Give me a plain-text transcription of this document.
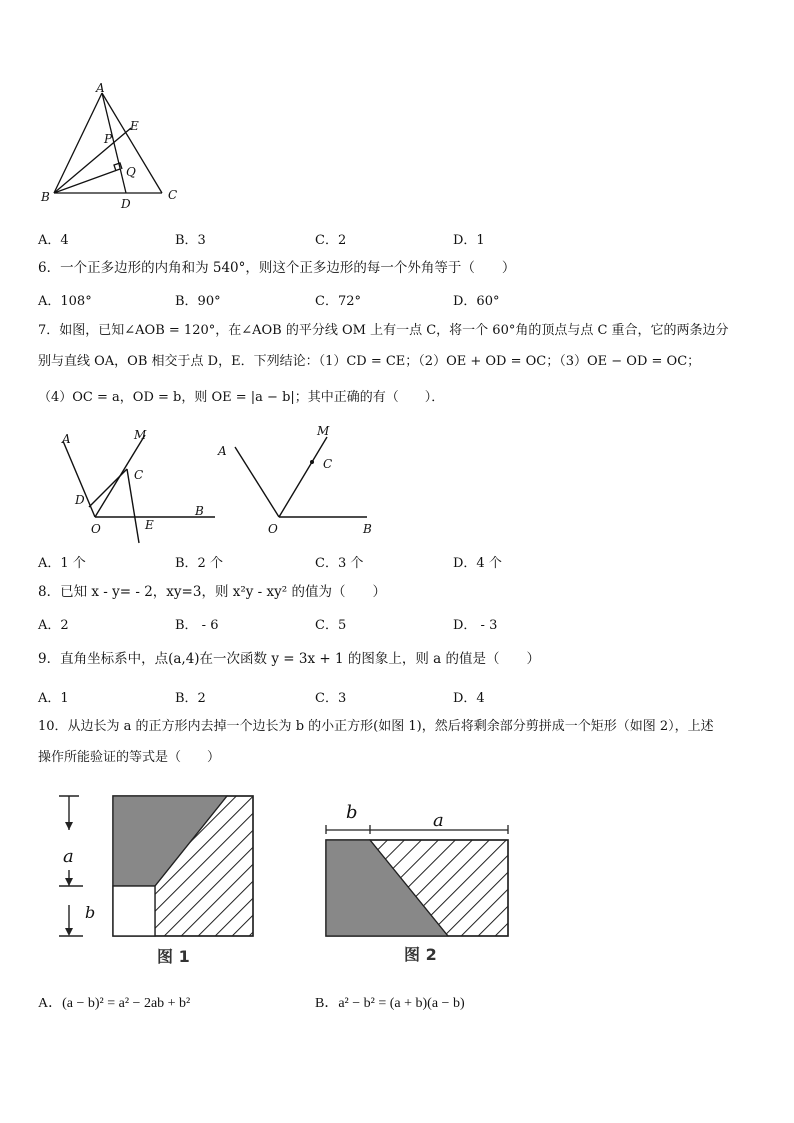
A
E
P
Q
B	D
C
A．4	B．3	C．2	D．1
6．一个正多边形的内角和为 540°，则这个正多边形的每一个外角等于（　　）
A．108°	B．90°	C．72°	D．60°
7．如图，已知∠AOB = 120°，在∠AOB 的平分线 OM 上有一点 C，将一个 60°角的顶点与点 C 重合，它的两条边分
别与直线 OA，OB 相交于点 D，E．下列结论：（1）CD = CE；（2）OE + OD = OC；（3）OE − OD = OC；
（4）OC = a，OD = b，则 OE = |a − b|；其中正确的有（　　）．
A	M
C
D
O	E
B
A
M
C
O	B
A．1 个	B．2 个	C．3 个	D．4 个
8．已知 x - y= - 2，xy=3，则 x²y - xy² 的值为（　　）
A．2	B． - 6	C．5	D． - 3
9．直角坐标系中，点(a,4)在一次函数 y = 3x + 1 的图象上，则 a 的值是（　　）
A．1	B．2	C．3	D．4
10．从边长为 a 的正方形内去掉一个边长为 b 的小正方形(如图 1)，然后将剩余部分剪拼成一个矩形（如图 2），上述
操作所能验证的等式是（　　）
a
b
图 1
b	a
图 2
A．(a − b)² = a² − 2ab + b²	B．a² − b² = (a + b)(a − b)
